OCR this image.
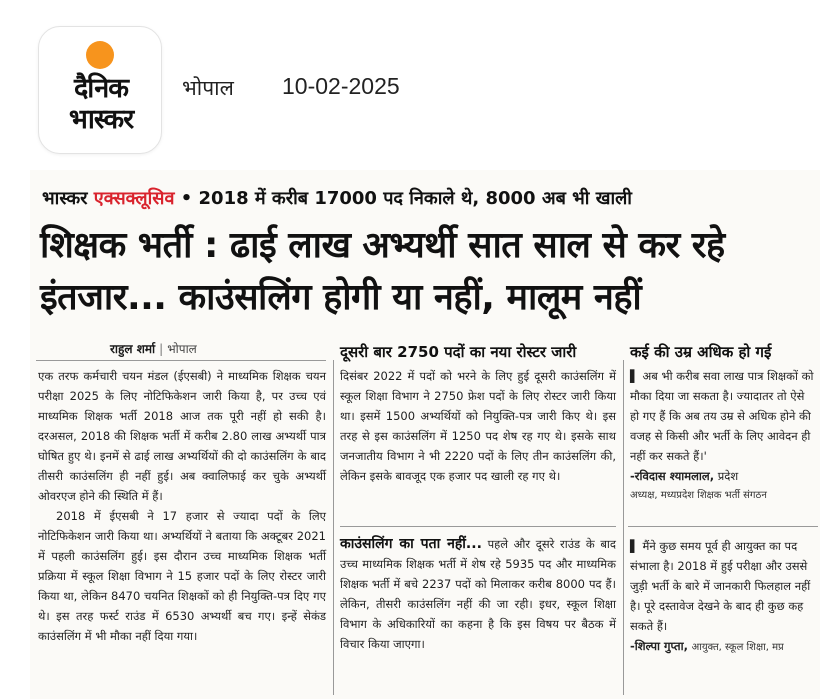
दैनिक भास्कर
भोपाल 10-02-2025
भास्कर एक्सक्लूसिव • 2018 में करीब 17000 पद निकाले थे, 8000 अब भी खाली
शिक्षक भर्ती : ढाई लाख अभ्यर्थी सात साल से कर रहे इंतजार... काउंसलिंग होगी या नहीं, मालूम नहीं
राहुल शर्मा | भोपाल

एक तरफ कर्मचारी चयन मंडल (ईएसबी) ने माध्यमिक शिक्षक चयन परीक्षा 2025 के लिए नोटिफिकेशन जारी किया है, पर उच्च एवं माध्यमिक शिक्षक भर्ती 2018 आज तक पूरी नहीं हो सकी है। दरअसल, 2018 की शिक्षक भर्ती में करीब 2.80 लाख अभ्यर्थी पात्र घोषित हुए थे। इनमें से ढाई लाख अभ्यर्थियों की दो काउंसलिंग के बाद तीसरी काउंसलिंग ही नहीं हुई। अब क्वालिफाई कर चुके अभ्यर्थी ओवरएज होने की स्थिति में हैं।

2018 में ईएसबी ने 17 हजार से ज्यादा पदों के लिए नोटिफिकेशन जारी किया था। अभ्यर्थियों ने बताया कि अक्टूबर 2021 में पहली काउंसलिंग हुई। इस दौरान उच्च माध्यमिक शिक्षक भर्ती प्रक्रिया में स्कूल शिक्षा विभाग ने 15 हजार पदों के लिए रोस्टर जारी किया था, लेकिन 8470 चयनित शिक्षकों को ही नियुक्ति-पत्र दिए गए थे। इस तरह फर्स्ट राउंड में 6530 अभ्यर्थी बच गए। इन्हें सेकंड काउंसलिंग में भी मौका नहीं दिया गया।

दूसरी बार 2750 पदों का नया रोस्टर जारी

दिसंबर 2022 में पदों को भरने के लिए हुई दूसरी काउंसलिंग में स्कूल शिक्षा विभाग ने 2750 फ्रेश पदों के लिए रोस्टर जारी किया था। इसमें 1500 अभ्यर्थियों को नियुक्ति-पत्र जारी किए थे। इस तरह से इस काउंसलिंग में 1250 पद शेष रह गए थे। इसके साथ जनजातीय विभाग ने भी 2220 पदों के लिए तीन काउंसलिंग की, लेकिन इसके बावजूद एक हजार पद खाली रह गए थे।

काउंसलिंग का पता नहीं... पहले और दूसरे राउंड के बाद उच्च माध्यमिक शिक्षक भर्ती में शेष रहे 5935 पद और माध्यमिक शिक्षक भर्ती में बचे 2237 पदों को मिलाकर करीब 8000 पद हैं। लेकिन, तीसरी काउंसलिंग नहीं की जा रही। इधर, स्कूल शिक्षा विभाग के अधिकारियों का कहना है कि इस विषय पर बैठक में विचार किया जाएगा।

कई की उम्र अधिक हो गई
▌ अब भी करीब सवा लाख पात्र शिक्षकों को मौका दिया जा सकता है। ज्यादातर तो ऐसे हो गए हैं कि अब तय उम्र से अधिक होने की वजह से किसी और भर्ती के लिए आवेदन ही नहीं कर सकते हैं।'
-रविदास श्यामलाल, प्रदेश
अध्यक्ष, मध्यप्रदेश शिक्षक भर्ती संगठन
▌ मैंने कुछ समय पूर्व ही आयुक्त का पद संभाला है। 2018 में हुई परीक्षा और उससे जुड़ी भर्ती के बारे में जानकारी फिलहाल नहीं है। पूरे दस्तावेज देखने के बाद ही कुछ कह सकते हैं।
-शिल्पा गुप्ता, आयुक्त, स्कूल शिक्षा, मप्र
